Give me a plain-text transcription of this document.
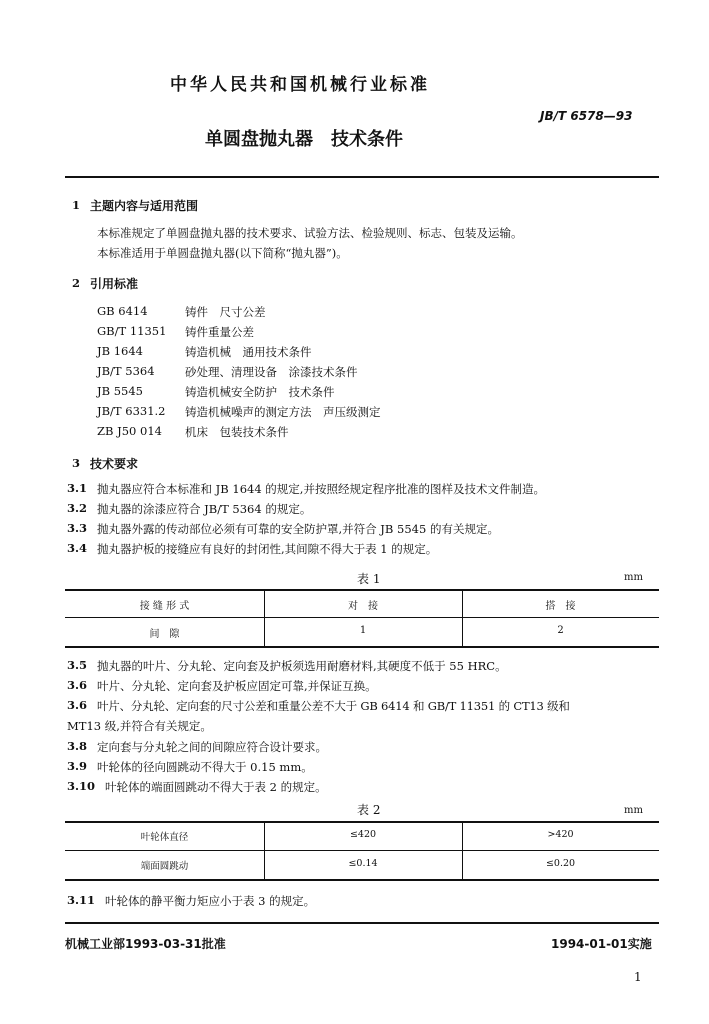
中华人民共和国机械行业标准
JB/T 6578—93
单圆盘抛丸器　技术条件
1 主题内容与适用范围
本标准规定了单圆盘抛丸器的技术要求、试验方法、检验规则、标志、包装及运输。
本标准适用于单圆盘抛丸器(以下简称“抛丸器”)。
2 引用标准
GB 6414	铸件　尺寸公差
GB/T 11351 铸件重量公差
JB 1644	铸造机械　通用技术条件
JB/T 5364	砂处理、清理设备　涂漆技术条件
JB 5545	铸造机械安全防护　技术条件
JB/T 6331.2 铸造机械噪声的测定方法　声压级测定
ZB J50 014 机床　包装技术条件
3 技术要求
3.1 抛丸器应符合本标准和 JB 1644 的规定,并按照经规定程序批准的图样及技术文件制造。
3.2 抛丸器的涂漆应符合 JB/T 5364 的规定。
3.3 抛丸器外露的传动部位必须有可靠的安全防护罩,并符合 JB 5545 的有关规定。
3.4 抛丸器护板的接缝应有良好的封闭性,其间隙不得大于表 1 的规定。
表 1	mm
接 缝 形 式	对　接	搭　接
间　隙	1	2
3.5 抛丸器的叶片、分丸轮、定向套及护板须选用耐磨材料,其硬度不低于 55 HRC。
3.6 叶片、分丸轮、定向套及护板应固定可靠,并保证互换。
3.6 叶片、分丸轮、定向套的尺寸公差和重量公差不大于 GB 6414 和 GB/T 11351 的 CT13 级和
MT13 级,并符合有关规定。
3.8 定向套与分丸轮之间的间隙应符合设计要求。
3.9 叶轮体的径向圆跳动不得大于 0.15 mm。
3.10 叶轮体的端面圆跳动不得大于表 2 的规定。
表 2	mm
叶轮体直径	≤420	>420
端面圆跳动	≤0.14	≤0.20
3.11 叶轮体的静平衡力矩应小于表 3 的规定。
机械工业部1993-03-31批准	1994-01-01实施
1
